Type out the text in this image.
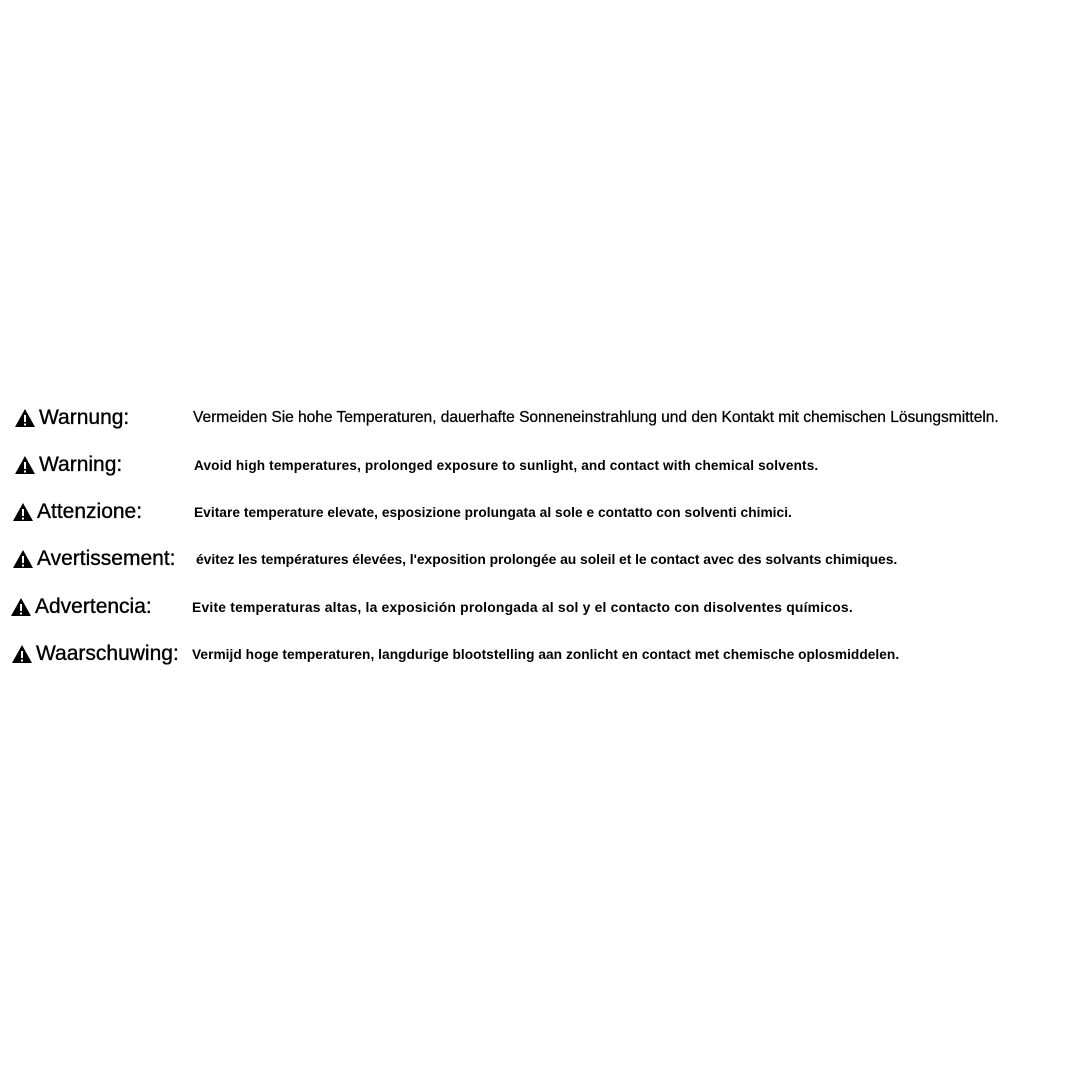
Warnung:	Vermeiden Sie hohe Temperaturen, dauerhafte Sonneneinstrahlung und den Kontakt mit chemischen Lösungsmitteln.
Warning:	Avoid high temperatures, prolonged exposure to sunlight, and contact with chemical solvents.
Attenzione:	Evitare temperature elevate, esposizione prolungata al sole e contatto con solventi chimici.
Avertissement: évitez les températures élevées, l'exposition prolongée au soleil et le contact avec des solvants chimiques.
Advertencia:	Evite temperaturas altas, la exposición prolongada al sol y el contacto con disolventes químicos.
Waarschuwing: Vermijd hoge temperaturen, langdurige blootstelling aan zonlicht en contact met chemische oplosmiddelen.
